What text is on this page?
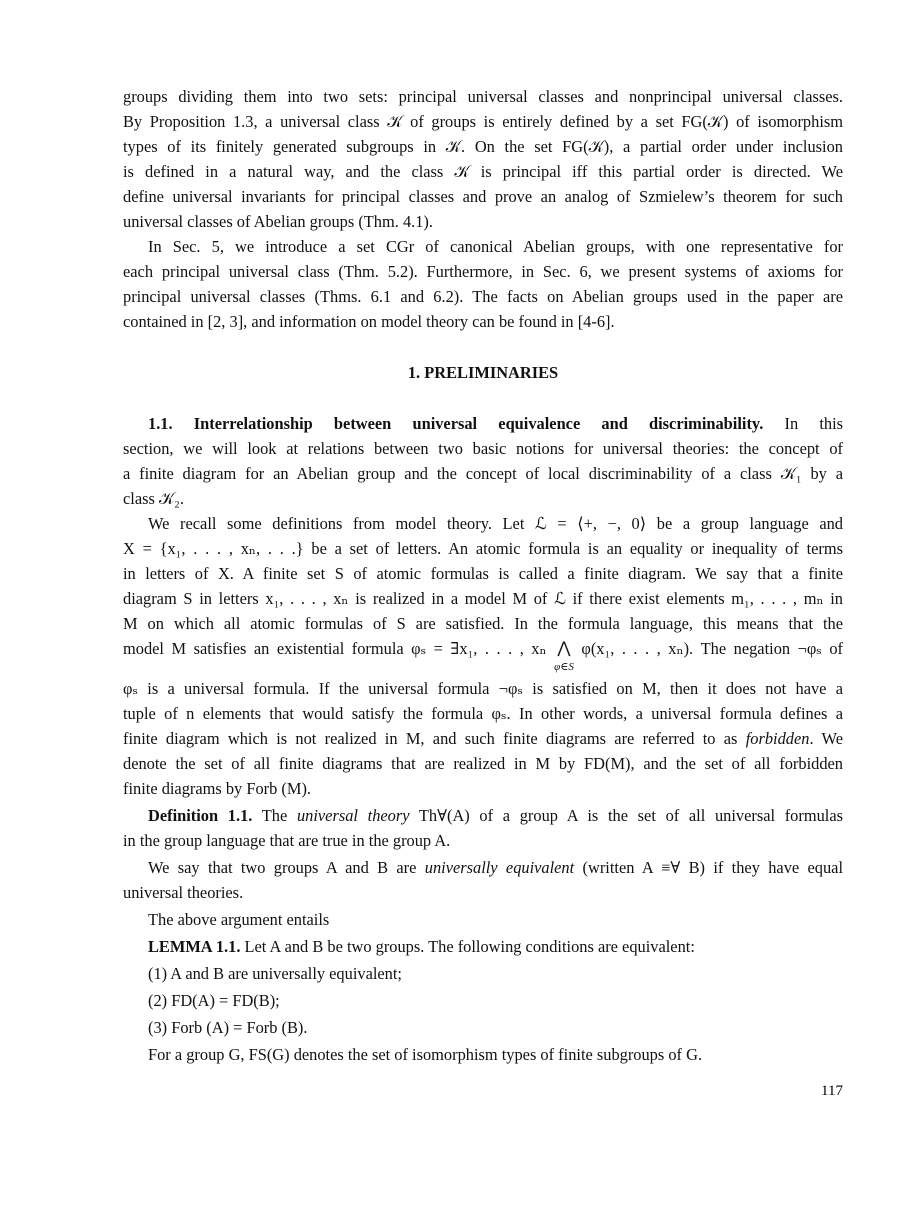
groups dividing them into two sets: principal universal classes and nonprincipal universal classes.
By Proposition 1.3, a universal class 𝒦 of groups is entirely defined by a set FG(𝒦) of isomorphism
types of its finitely generated subgroups in 𝒦. On the set FG(𝒦), a partial order under inclusion
is defined in a natural way, and the class 𝒦 is principal iff this partial order is directed. We
define universal invariants for principal classes and prove an analog of Szmielew’s theorem for such
universal classes of Abelian groups (Thm. 4.1).
In Sec. 5, we introduce a set CGr of canonical Abelian groups, with one representative for
each principal universal class (Thm. 5.2). Furthermore, in Sec. 6, we present systems of axioms for
principal universal classes (Thms. 6.1 and 6.2). The facts on Abelian groups used in the paper are
contained in [2, 3], and information on model theory can be found in [4-6].
1. PRELIMINARIES
1.1. Interrelationship between universal equivalence and discriminability. In this
section, we will look at relations between two basic notions for universal theories: the concept of
a finite diagram for an Abelian group and the concept of local discriminability of a class 𝒦₁ by a
class 𝒦₂.
We recall some definitions from model theory. Let ℒ = ⟨+, −, 0⟩ be a group language and
X = {x₁, . . . , xₙ, . . .} be a set of letters. An atomic formula is an equality or inequality of terms
in letters of X. A finite set S of atomic formulas is called a finite diagram. We say that a finite
diagram S in letters x₁, . . . , xₙ is realized in a model M of ℒ if there exist elements m₁, . . . , mₙ in
M on which all atomic formulas of S are satisfied. In the formula language, this means that the
model M satisfies an existential formula φₛ = ∃x₁, . . . , xₙ ⋀
φ∈S
φ(x₁, . . . , xₙ). The negation ¬φₛ of
φₛ is a universal formula. If the universal formula ¬φₛ is satisfied on M, then it does not have a
tuple of n elements that would satisfy the formula φₛ. In other words, a universal formula defines a
finite diagram which is not realized in M, and such finite diagrams are referred to as forbidden. We
denote the set of all finite diagrams that are realized in M by FD(M), and the set of all forbidden
finite diagrams by Forb (M).
Definition 1.1. The universal theory Th∀(A) of a group A is the set of all universal formulas
in the group language that are true in the group A.
We say that two groups A and B are universally equivalent (written A ≡∀ B) if they have equal
universal theories.
The above argument entails
LEMMA 1.1. Let A and B be two groups. The following conditions are equivalent:
(1) A and B are universally equivalent;
(2) FD(A) = FD(B);
(3) Forb (A) = Forb (B).
For a group G, FS(G) denotes the set of isomorphism types of finite subgroups of G.
117
